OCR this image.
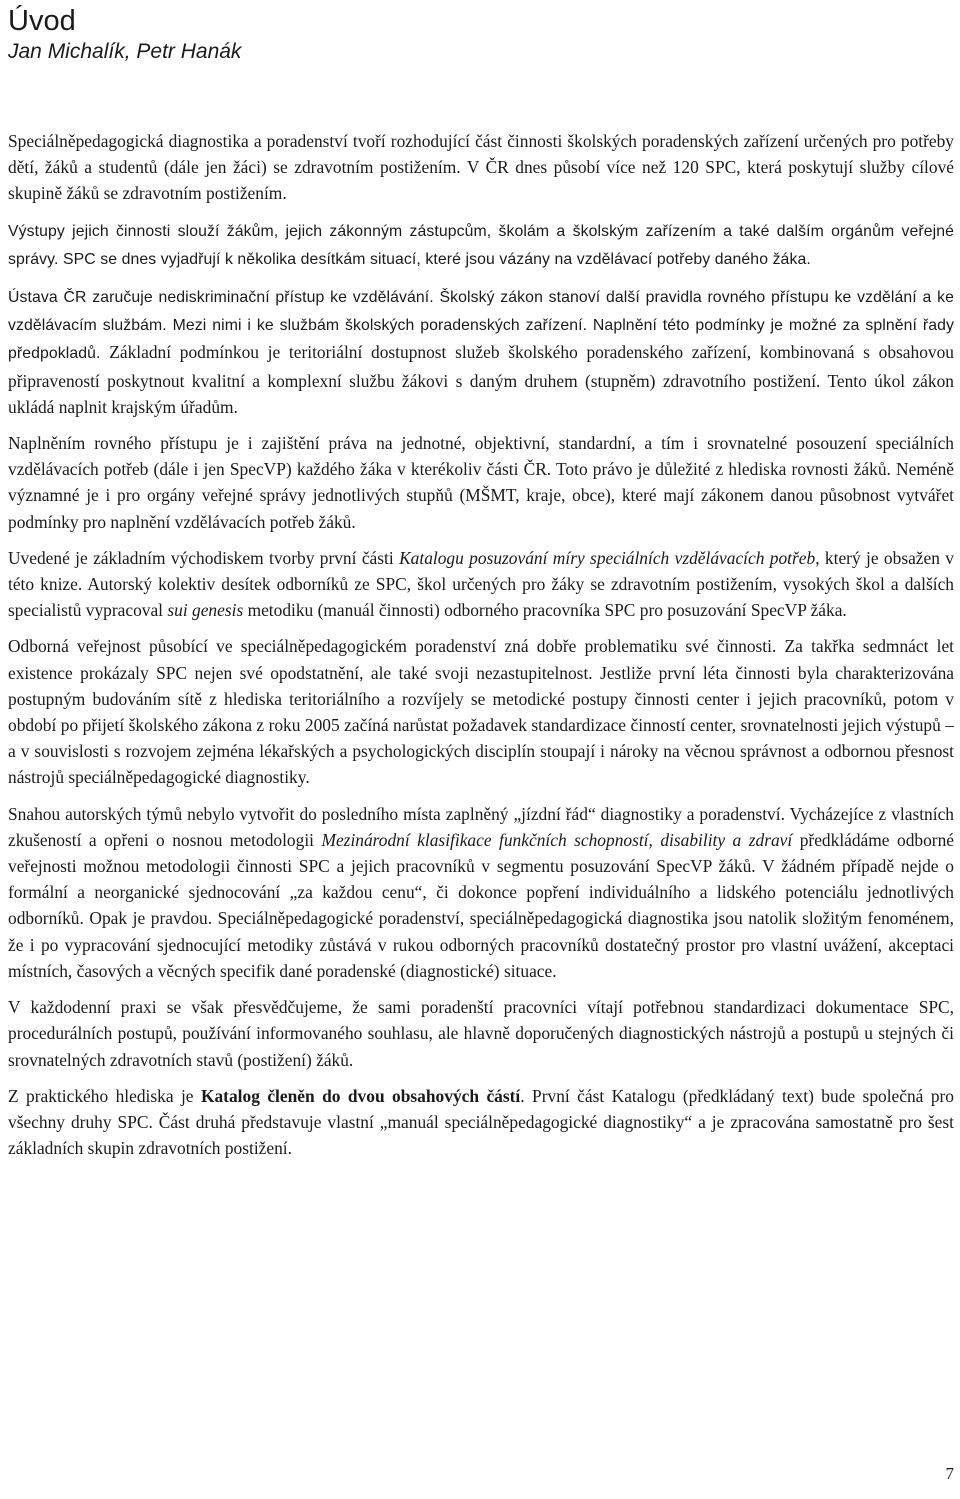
Úvod

Jan Michalík, Petr Hanák

Speciálněpedagogická diagnostika a poradenství tvoří rozhodující část činnosti školských poradenských zařízení určených pro potřeby dětí, žáků a studentů (dále jen žáci) se zdravotním postižením. V ČR dnes působí více než 120 SPC, která poskytují služby cílové skupině žáků se zdravotním postižením.

Výstupy jejich činnosti slouží žákům, jejich zákonným zástupcům, školám a školským zařízením a také dalším orgánům veřejné správy. SPC se dnes vyjadřují k několika desítkám situací, které jsou vázány na vzdělávací potřeby daného žáka.

Ústava ČR zaručuje nediskriminační přístup ke vzdělávání. Školský zákon stanoví další pravidla rovného přístupu ke vzdělání a ke vzdělávacím službám. Mezi nimi i ke službám školských poradenských zařízení. Naplnění této podmínky je možné za splnění řady předpokladů. Základní podmínkou je teritoriální dostupnost služeb školského poradenského zařízení, kombinovaná s obsahovou připraveností poskytnout kvalitní a komplexní službu žákovi s daným druhem (stupněm) zdravotního postižení. Tento úkol zákon ukládá naplnit krajským úřadům.

Naplněním rovného přístupu je i zajištění práva na jednotné, objektivní, standardní, a tím i srovnatelné posouzení speciálních vzdělávacích potřeb (dále i jen SpecVP) každého žáka v kterékoliv části ČR. Toto právo je důležité z hlediska rovnosti žáků. Neméně významné je i pro orgány veřejné správy jednotlivých stupňů (MŠMT, kraje, obce), které mají zákonem danou působnost vytvářet podmínky pro naplnění vzdělávacích potřeb žáků.

Uvedené je základním východiskem tvorby první části Katalogu posuzování míry speciálních vzdělávacích potřeb, který je obsažen v této knize. Autorský kolektiv desítek odborníků ze SPC, škol určených pro žáky se zdravotním postižením, vysokých škol a dalších specialistů vypracoval sui genesis metodiku (manuál činnosti) odborného pracovníka SPC pro posuzování SpecVP žáka.

Odborná veřejnost působící ve speciálněpedagogickém poradenství zná dobře problematiku své činnosti. Za takřka sedmnáct let existence prokázaly SPC nejen své opodstatnění, ale také svoji nezastupitelnost. Jestliže první léta činnosti byla charakterizována postupným budováním sítě z hlediska teritoriálního a rozvíjely se metodické postupy činnosti center i jejich pracovníků, potom v období po přijetí školského zákona z roku 2005 začíná narůstat požadavek standardizace činností center, srovnatelnosti jejich výstupů – a v souvislosti s rozvojem zejména lékařských a psychologických disciplín stoupají i nároky na věcnou správnost a odbornou přesnost nástrojů speciálněpedagogické diagnostiky.

Snahou autorských týmů nebylo vytvořit do posledního místa zaplněný „jízdní řád“ diagnostiky a poradenství. Vycházejíce z vlastních zkušeností a opřeni o nosnou metodologii Mezinárodní klasifikace funkčních schopností, disability a zdraví předkládáme odborné veřejnosti možnou metodologii činnosti SPC a jejich pracovníků v segmentu posuzování SpecVP žáků. V žádném případě nejde o formální a neorganické sjednocování „za každou cenu“, či dokonce popření individuálního a lidského potenciálu jednotlivých odborníků. Opak je pravdou. Speciálněpedagogické poradenství, speciálněpedagogická diagnostika jsou natolik složitým fenoménem, že i po vypracování sjednocující metodiky zůstává v rukou odborných pracovníků dostatečný prostor pro vlastní uvážení, akceptaci místních, časových a věcných specifik dané poradenské (diagnostické) situace.

V každodenní praxi se však přesvědčujeme, že sami poradenští pracovníci vítají potřebnou standardizaci dokumentace SPC, procedurálních postupů, používání informovaného souhlasu, ale hlavně doporučených diagnostických nástrojů a postupů u stejných či srovnatelných zdravotních stavů (postižení) žáků.

Z praktického hlediska je Katalog členěn do dvou obsahových částí. První část Katalogu (předkládaný text) bude společná pro všechny druhy SPC. Část druhá představuje vlastní „manuál speciálněpedagogické diagnostiky“ a je zpracována samostatně pro šest základních skupin zdravotních postižení.

7
